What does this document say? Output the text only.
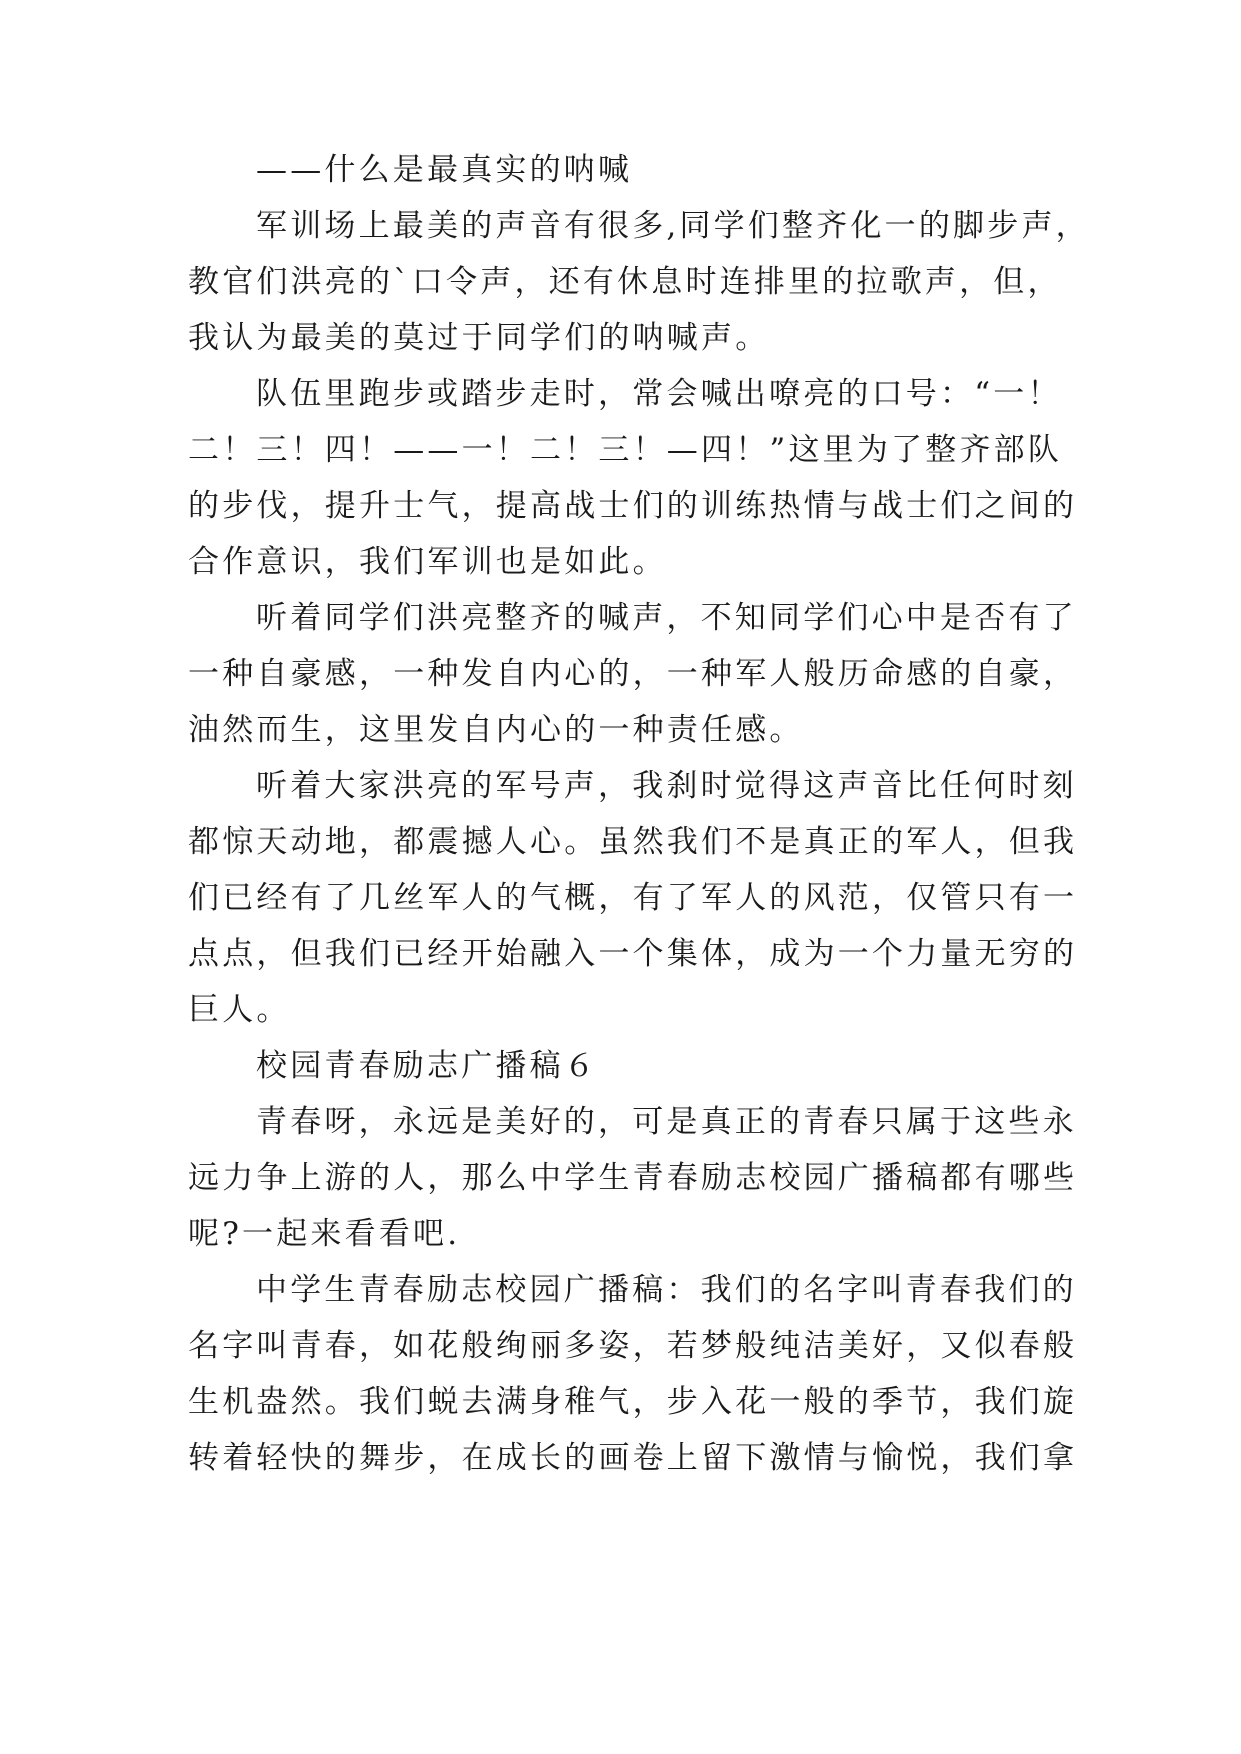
——什么是最真实的呐喊

军训场上最美的声音有很多,同学们整齐化一的脚步声，

教官们洪亮的`口令声，还有休息时连排里的拉歌声，但，

我认为最美的莫过于同学们的呐喊声。

队伍里跑步或踏步走时，常会喊出嘹亮的口号：“一！

二！三！四！——一！二！三！—四！”这里为了整齐部队

的步伐，提升士气，提高战士们的训练热情与战士们之间的

合作意识，我们军训也是如此。

听着同学们洪亮整齐的喊声，不知同学们心中是否有了

一种自豪感，一种发自内心的，一种军人般历命感的自豪，

油然而生，这里发自内心的一种责任感。

听着大家洪亮的军号声，我刹时觉得这声音比任何时刻

都惊天动地，都震撼人心。虽然我们不是真正的军人，但我

们已经有了几丝军人的气概，有了军人的风范，仅管只有一

点点，但我们已经开始融入一个集体，成为一个力量无穷的

巨人。

校园青春励志广播稿６

青春呀，永远是美好的，可是真正的青春只属于这些永

远力争上游的人，那么中学生青春励志校园广播稿都有哪些

呢?一起来看看吧.

中学生青春励志校园广播稿：我们的名字叫青春我们的

名字叫青春，如花般绚丽多姿，若梦般纯洁美好，又似春般

生机盎然。我们蜕去满身稚气，步入花一般的季节，我们旋

转着轻快的舞步，在成长的画卷上留下激情与愉悦，我们拿
